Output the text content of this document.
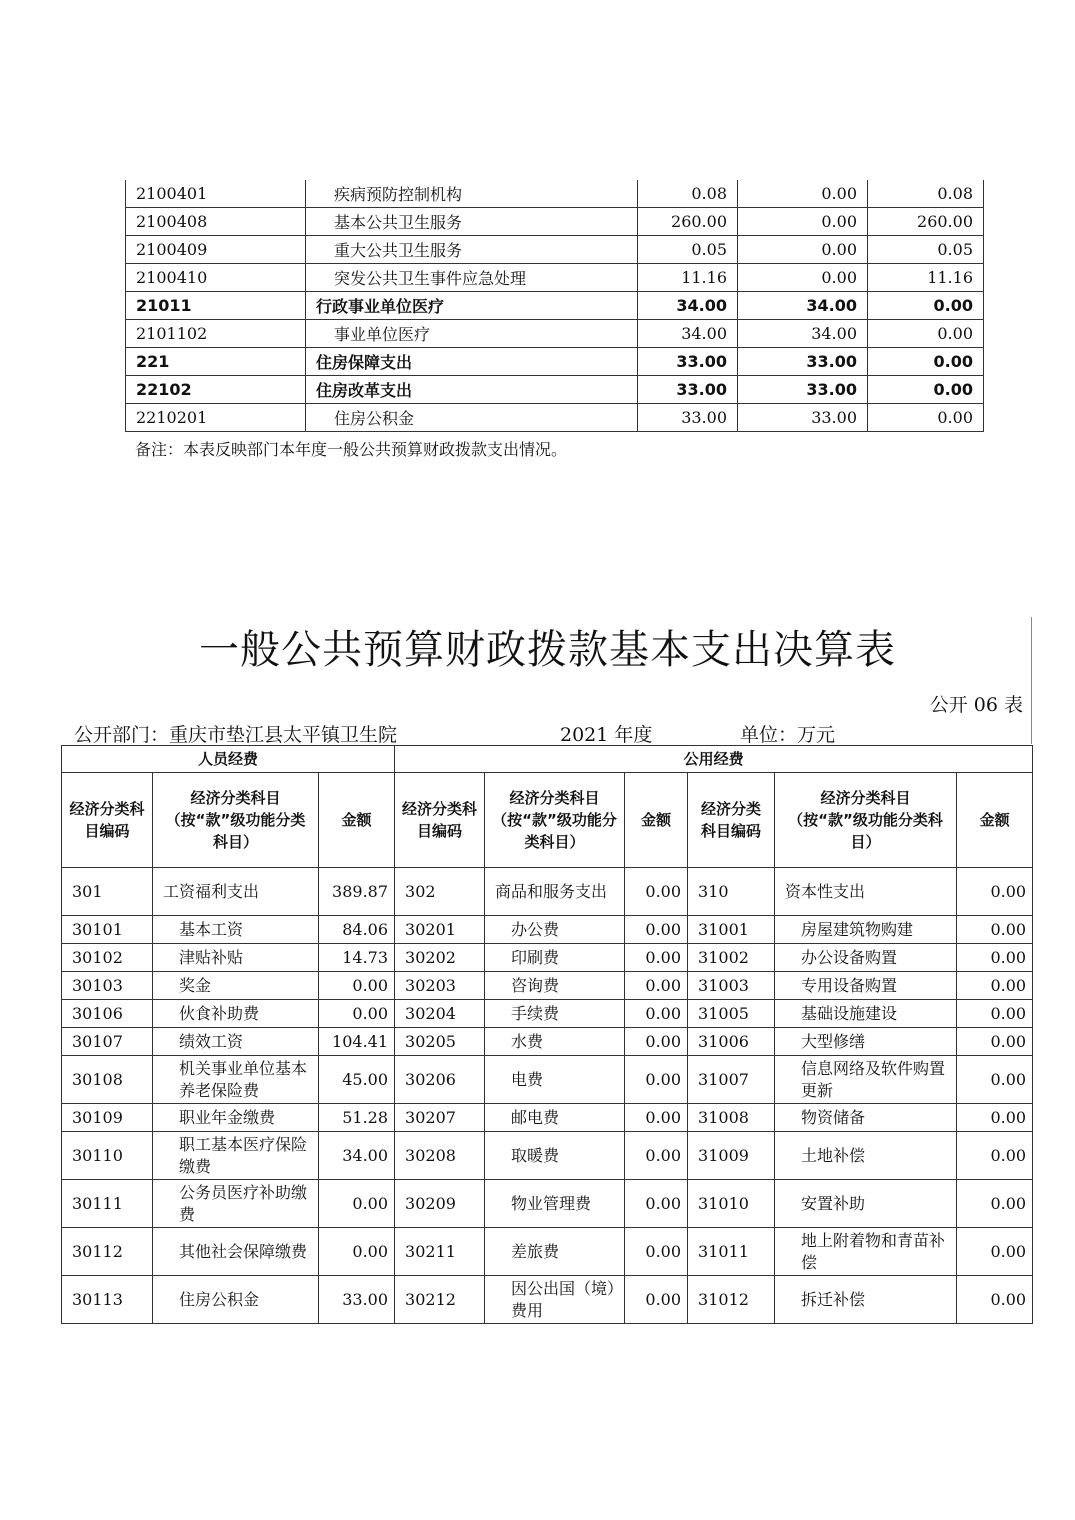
2100401	疾病预防控制机构	0.08	0.00	0.08
2100408	基本公共卫生服务	260.00	0.00	260.00
2100409	重大公共卫生服务	0.05	0.00	0.05
2100410	突发公共卫生事件应急处理	11.16	0.00	11.16
21011	行政事业单位医疗	34.00	34.00	0.00
2101102	事业单位医疗	34.00	34.00	0.00
221	住房保障支出	33.00	33.00	0.00
22102	住房改革支出	33.00	33.00	0.00
2210201	住房公积金	33.00	33.00	0.00
备注：本表反映部门本年度一般公共预算财政拨款支出情况。
一般公共预算财政拨款基本支出决算表
公开 06 表
公开部门：重庆市垫江县太平镇卫生院	2021 年度	单位：万元
人员经费			公用经费					
经济分类科目编码	经济分类科目（按“款”级功能分类科目）	金额	经济分类科目编码	经济分类科目（按“款”级功能分类科目）	金额	经济分类科目编码	经济分类科目（按“款”级功能分类科目）	金额
301	工资福利支出	389.87	302	商品和服务支出	0.00	310	资本性支出	0.00
30101	基本工资	84.06	30201	办公费	0.00	31001	房屋建筑物购建	0.00
30102	津贴补贴	14.73	30202	印刷费	0.00	31002	办公设备购置	0.00
30103	奖金	0.00	30203	咨询费	0.00	31003	专用设备购置	0.00
30106	伙食补助费	0.00	30204	手续费	0.00	31005	基础设施建设	0.00
30107	绩效工资	104.41	30205	水费	0.00	31006	大型修缮	0.00
30108	机关事业单位基本养老保险费	45.00	30206	电费	0.00	31007	信息网络及软件购置更新	0.00
30109	职业年金缴费	51.28	30207	邮电费	0.00	31008	物资储备	0.00
30110	职工基本医疗保险缴费	34.00	30208	取暖费	0.00	31009	土地补偿	0.00
30111	公务员医疗补助缴费	0.00	30209	物业管理费	0.00	31010	安置补助	0.00
30112	其他社会保障缴费	0.00	30211	差旅费	0.00	31011	地上附着物和青苗补偿	0.00
30113	住房公积金	33.00	30212	因公出国（境）费用	0.00	31012	拆迁补偿	0.00
